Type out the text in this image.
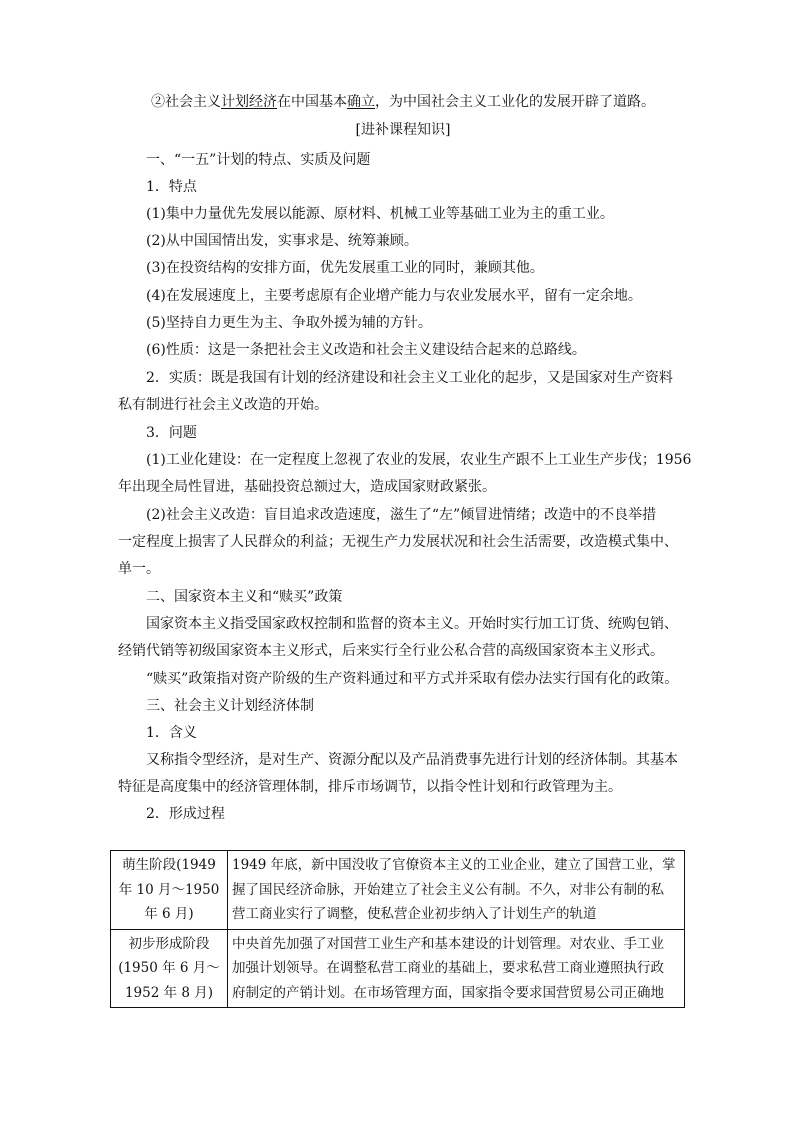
②社会主义计划经济在中国基本确立，为中国社会主义工业化的发展开辟了道路。
[进补课程知识]
一、“一五”计划的特点、实质及问题
1．特点
(1)集中力量优先发展以能源、原材料、机械工业等基础工业为主的重工业。
(2)从中国国情出发，实事求是、统筹兼顾。
(3)在投资结构的安排方面，优先发展重工业的同时，兼顾其他。
(4)在发展速度上，主要考虑原有企业增产能力与农业发展水平，留有一定余地。
(5)坚持自力更生为主、争取外援为辅的方针。
(6)性质：这是一条把社会主义改造和社会主义建设结合起来的总路线。
2．实质：既是我国有计划的经济建设和社会主义工业化的起步，又是国家对生产资料
私有制进行社会主义改造的开始。
3．问题
(1)工业化建设：在一定程度上忽视了农业的发展，农业生产跟不上工业生产步伐；1956
年出现全局性冒进，基础投资总额过大，造成国家财政紧张。
(2)社会主义改造：盲目追求改造速度，滋生了“左”倾冒进情绪；改造中的不良举措
一定程度上损害了人民群众的利益；无视生产力发展状况和社会生活需要，改造模式集中、
单一。
二、国家资本主义和“赎买”政策
国家资本主义指受国家政权控制和监督的资本主义。开始时实行加工订货、统购包销、
经销代销等初级国家资本主义形式，后来实行全行业公私合营的高级国家资本主义形式。
“赎买”政策指对资产阶级的生产资料通过和平方式并采取有偿办法实行国有化的政策。
三、社会主义计划经济体制
1．含义
又称指令型经济，是对生产、资源分配以及产品消费事先进行计划的经济体制。其基本
特征是高度集中的经济管理体制，排斥市场调节，以指令性计划和行政管理为主。
2．形成过程
萌生阶段(1949
年 10 月～1950
年 6 月)	1949 年底，新中国没收了官僚资本主义的工业企业，建立了国营工业，掌
握了国民经济命脉，开始建立了社会主义公有制。不久，对非公有制的私
营工商业实行了调整，使私营企业初步纳入了计划生产的轨道

初步形成阶段
(1950 年 6 月～
1952 年 8 月)	中央首先加强了对国营工业生产和基本建设的计划管理。对农业、手工业
加强计划领导。在调整私营工商业的基础上，要求私营工商业遵照执行政
府制定的产销计划。在市场管理方面，国家指令要求国营贸易公司正确地
